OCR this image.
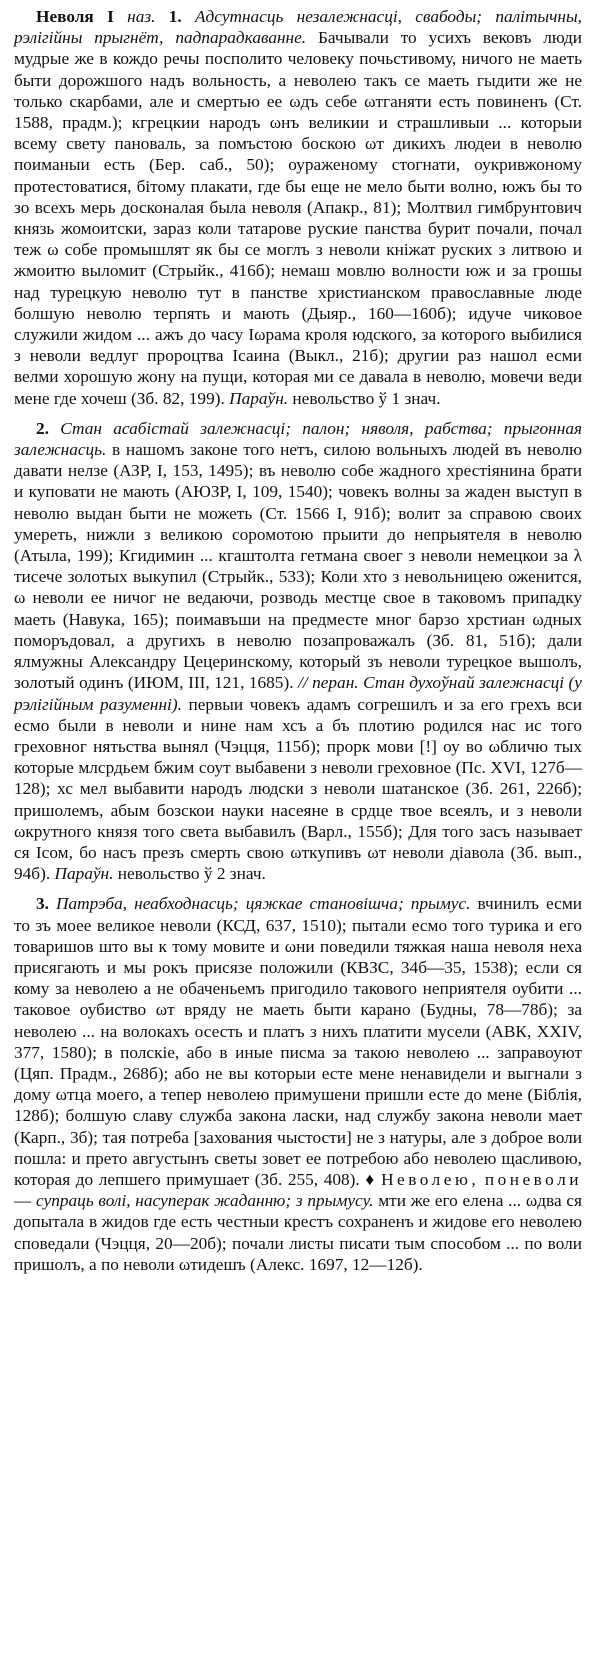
Неволя I наз. 1. Адсутнасць незалежнасці, свабоды; палітычны, рэлігійны прыгнёт, падпарадкаванне. Бачывали то усихъ вековъ люди мудрые же в кождо речы посполито человеку почьстивому, ничого не маеть быти дорожшого надъ вольность, а неволею такъ се маеть гыдити же не только скарбами, але и смертью ее ωдъ себе ωтганяти есть повиненъ (Ст. 1588, прадм.); кгрецкии народъ ωнъ великии и страшливыи ... которыи всему свету пановаль, за помъстою боскою ωт дикихъ людеи в неволю поиманыи есть (Бер. саб., 50); оураженому стогнати, оукривжоному протестоватися, бітому плакати, где бы еще не мело быти волно, южъ бы то зо всехъ мерь досконалая была неволя (Апакр., 81); Молтвил гимбрунтович князь жомоитски, зараз коли татарове руские панства бурит почали, почал теж ω собе промышлят як бы се моглъ з неволи кнiжат руских з литвою и жмоитю выломит (Стрыйк., 416б); немаш мовлю волности юж и за грошы над турецкую неволю тут в панстве христианском православные люде болшую неволю терпять и мають (Дыяр., 160—160б); идуче чиковое служили жидом ... ажъ до часу Ιωрама кроля юдского, за которого выбилися з неволи ведлуг пророцтва Ісаина (Выкл., 21б); другии раз нашол есми велми хорошую жону на пущи, которая ми се давала в неволю, мовечи веди мене где хочеш (Зб. 82, 199). Параўн. невольство ў 1 знач.

2. Стан асабістай залежнасці; палон; няволя, рабства; прыгонная залежнасць. в нашомъ законе того нетъ, силою вольныхъ людей въ неволю давати нелзе (АЗР, I, 153, 1495); въ неволю собе жадного хрестіянина брати и куповати не мають (АЮЗР, I, 109, 1540); човекъ волны за жаден выступ в неволю выдан быти не можеть (Ст. 1566 I, 91б); волит за справою своих умереть, нижли з великою соромотою прыити до непрыятеля в неволю (Атыла, 199); Кгидимин ... кгаштолта гетмана своег з неволи немецкои за λ тисече золотых выкупил (Стрыйк., 533); Коли хто з невольницею оженится, ω неволи ее ничог не ведаючи, розводь местце свое в таковомъ припадку маеть (Навука, 165); поимавъши на предместе мног барзо хрстиан ωдных поморъдовал, а другихъ в неволю позапроважалъ (Зб. 81, 51б); дали ялмужны Александру Цецеринскому, который зъ неволи турецкое вышолъ, золотый одинъ (ИЮМ, III, 121, 1685). // перан. Стан духоўнай залежнасці (у рэлігійным разуменні). первыи човекъ адамъ согрешилъ и за его грехъ вси есмо были в неволи и нине нам хсъ а бъ плотию родился нас ис того греховног нятьства вынял (Чэцця, 115б); прорк мови [!] оу во ωбличю тых которые млсрдьем бжим соут выбавени з неволи греховное (Пс. XVI, 127б—128); хс мел выбавити народъ людски з неволи шатанское (Зб. 261, 226б); пришолемъ, абым бозскои науки насеяне в срдце твое всеялъ, и з неволи ωкрутного князя того света выбавилъ (Варл., 155б); Для того засъ называет ся Ісом, бо насъ презъ смерть свою ωткупивъ ωт неволи діавола (Зб. вып., 94б). Параўн. невольство ў 2 знач.

3. Патрэба, неабходнасць; цяжкае становішча; прымус. вчинилъ есми то зъ моее великое неволи (КСД, 637, 1510); пытали есмо того турика и его товаришов што вы к тому мовите и ωни поведили тяжкая наша неволя неха присягають и мы рокъ присязе положили (КВЗС, 34б—35, 1538); если ся кому за неволею а не обаченьемъ пригодило такового неприятеля оубити ... таковое оубиство ωт вряду не маеть быти карано (Будны, 78—78б); за неволею ... на волокахъ осесть и платъ з нихъ платити мусели (АВК, XXIV, 377, 1580); в полскіе, або в иные писма за такою неволею ... заправоуют (Цяп. Прадм., 268б); або не вы которыи есте мене ненавидели и выгнали з дому ωтца моего, а тепер неволею примушени пришли есте до мене (Біблія, 128б); болшую славу служба закона ласки, над службу закона неволи мает (Карп., 3б); тая потреба [захования чыстости] не з натуры, але з доброе воли пошла: и прето августынъ светы зовет ее потребою або неволею щасливою, которая до лепшего примушает (Зб. 255, 408). ♦ Неволею, поневоли — супраць волі, насуперак жаданню; з прымусу. мти же его елена ... ωдва ся допытала в жидов гдe есть честныи крестъ сохраненъ и жидове его неволею споведали (Чэцця, 20—20б); почали листы писати тым способом ... по воли пришолъ, а по неволи ωтидешъ (Алекс. 1697, 12—12б).
